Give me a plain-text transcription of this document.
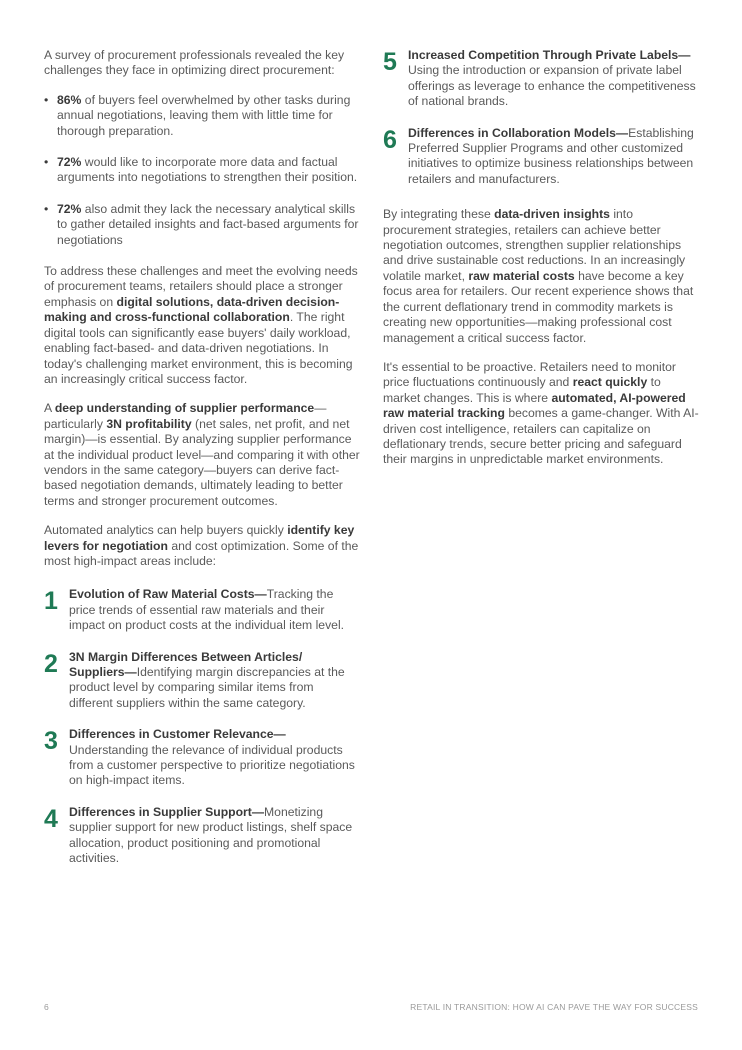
A survey of procurement professionals revealed the key challenges they face in optimizing direct procurement:

• 86% of buyers feel overwhelmed by other tasks during annual negotiations, leaving them with little time for thorough preparation.
• 72% would like to incorporate more data and factual arguments into negotiations to strengthen their position.
• 72% also admit they lack the necessary analytical skills to gather detailed insights and fact-based arguments for negotiations

To address these challenges and meet the evolving needs of procurement teams, retailers should place a stronger emphasis on digital solutions, data-driven decision-making and cross-functional collaboration. The right digital tools can significantly ease buyers' daily workload, enabling fact-based- and data-driven negotiations. In today's challenging market environment, this is becoming an increasingly critical success factor.

A deep understanding of supplier performance—particularly 3N profitability (net sales, net profit, and net margin)—is essential. By analyzing supplier performance at the individual product level—and comparing it with other vendors in the same category—buyers can derive fact-based negotiation demands, ultimately leading to better terms and stronger procurement outcomes.

Automated analytics can help buyers quickly identify key levers for negotiation and cost optimization. Some of the most high-impact areas include:

1 Evolution of Raw Material Costs—Tracking the price trends of essential raw materials and their impact on product costs at the individual item level.
2 3N Margin Differences Between Articles/ Suppliers—Identifying margin discrepancies at the product level by comparing similar items from different suppliers within the same category.
3 Differences in Customer Relevance—Understanding the relevance of individual products from a customer perspective to prioritize negotiations on high-impact items.
4 Differences in Supplier Support—Monetizing supplier support for new product listings, shelf space allocation, product positioning and promotional activities.
5 Increased Competition Through Private Labels—Using the introduction or expansion of private label offerings as leverage to enhance the competitiveness of national brands.
6 Differences in Collaboration Models—Establishing Preferred Supplier Programs and other customized initiatives to optimize business relationships between retailers and manufacturers.

By integrating these data-driven insights into procurement strategies, retailers can achieve better negotiation outcomes, strengthen supplier relationships and drive sustainable cost reductions. In an increasingly volatile market, raw material costs have become a key focus area for retailers. Our recent experience shows that the current deflationary trend in commodity markets is creating new opportunities—making professional cost management a critical success factor.

It's essential to be proactive. Retailers need to monitor price fluctuations continuously and react quickly to market changes. This is where automated, AI-powered raw material tracking becomes a game-changer. With AI-driven cost intelligence, retailers can capitalize on deflationary trends, secure better pricing and safeguard their margins in unpredictable market environments.

6	RETAIL IN TRANSITION: HOW AI CAN PAVE THE WAY FOR SUCCESS
